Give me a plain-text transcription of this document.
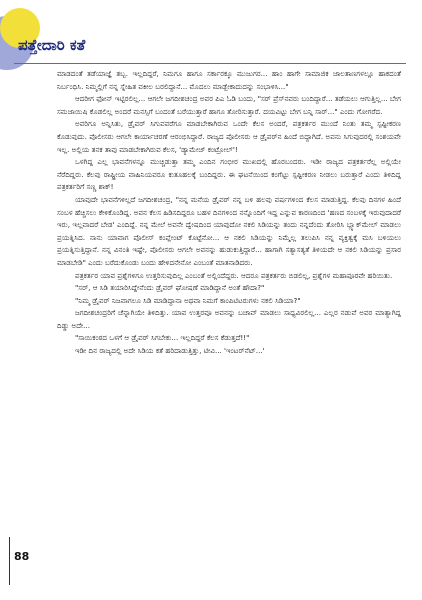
ಪತ್ತೇದಾರಿ ಕತೆ

ಮಾಡದಂತೆ ತಡೆಯಾಜ್ಞೆ ತಬ್ಬ. ಇಲ್ಲದಿದ್ದರೆ, ನಿಮಗೂ ಹಾಗೂ ಸರ್ಕಾರಕ್ಕೂ ಮುಜುಗರ... ಹಾಂ ಹಾಗೇ ಸಾಮಾಜಿಕ ಜಾಲತಾಣಗಳಲ್ಲೂ ಹಾಕದಂತೆ ನಿರ್ಬಂಧಿಸಿ. ನಿಮ್ಮಲ್ಲಿಗೆ ನನ್ನ ಸ್ನೇಹಿತ ವಕೀಲ ಬರಲಿದ್ದಾನೆ... ಮೊದಲು ಮಾಡ್ಬೇಕಾದುದನ್ನು ಸಂಭಾಳಿಸಿ..."

ಆದರೀಗ ಫೋನ್ ಇಟ್ಟಿರಲಿಲ್ಲ... ಆಗಲೇ ಜಗದೀಶಚಂದ್ರ ಅವರ ಪಿಎ ಓಡಿ ಬಂದು, "ಸರ್ ಪ್ರೆಸ್‌ನವರು ಬಂದಿದ್ದಾರೆ... ತಡೆಯಲು ಆಗುತ್ತಿಲ್ಲ... ಬೇಗ ಸಮಜಾಯಿಷಿ ಕೊಡಲಿಲ್ಲ ಅಂದರೆ ಮನಸ್ಸಿಗೆ ಬಂದಂತೆ ಬರೆಯುತ್ತಾರೆ ಹಾಗೂ ತೋರಿಸುತ್ತಾರೆ. ದಯವಿಟ್ಟು ಬೇಗ ಬನ್ನಿ ಸಾರ್..." ಎಂದು ಗೋಗರೆದ.

ಅವರಿಗೂ ಅನ್ನಿಸಿತು, ಡ್ರೈವರ್ ಸಿಗುವವರೆಗೂ ಮಾಡಬೇಕಾಗಿರುವ ಒಂದೇ ಕೆಲಸ ಅಂದರೆ, ಪತ್ರಕರ್ತರ ಮುಂದೆ ನಿಂತು ತಮ್ಮ ಸ್ಪಷ್ಟೀಕರಣ ಕೊಡುವುದು. ಪೊಲೀಸರು ಆಗಲೇ ಕಾರ್ಯಾಚರಣೆ ಆರಂಭಿಸಿದ್ದಾರೆ. ರಾಜ್ಯದ ಪೊಲೀಸರು ಆ ಡ್ರೈವರ್‌ನ ಹಿಂದೆ ಬಿದ್ದಾಗಿದೆ. ಅವನು ಸಿಗುವುದರಲ್ಲಿ ಸಂಶಯವೇ ಇಲ್ಲ. ಅಲ್ಲಿಯ ತನಕ ತಾವು ಮಾಡಬೇಕಾಗಿರುವ ಕೆಲಸ, 'ಡ್ಯಾಮೇಜ್ ಕಂಟ್ರೋಲ್'!

ಒಳಗಿದ್ದ ಎಲ್ಲ ಭಾವನೆಗಳನ್ನೂ ಮುಚ್ಚಿಡುತ್ತಾ ತಮ್ಮ ಎಂದಿನ ಗಂಭೀರ ಮುಖದಲ್ಲಿ ಹೊರಬಂದರು. ಇಡೀ ರಾಜ್ಯದ ಪತ್ರಕರ್ತರೆಲ್ಲ ಅಲ್ಲಿಯೇ ನೆರೆದಿದ್ದರು. ಕೆಲವು ರಾಷ್ಟ್ರೀಯ ವಾಹಿನಿಯವರೂ ಕುತೂಹಲಕ್ಕೆ ಬಂದಿದ್ದರು. ಈ ಘಟನೆಯಿಂದ ಕಂಗೆಟ್ಟು ಸ್ಪಷ್ಟೀಕರಣ ನೀಡಲು ಬರುತ್ತಾರೆ ಎಂದು ತಿಳಿದಿದ್ದ ಪತ್ರಕರ್ತರಿಗೆ ಸಣ್ಣ ಶಾಕ್!

ಯಾವುದೇ ಭಾವನೆಗಳಿಲ್ಲದೆ ಜಗದೀಶಚಂದ್ರ, "ನನ್ನ ಮನೆಯ ಡ್ರೈವರ್ ನನ್ನ ಬಳಿ ಹಲವು ವರ್ಷಗಳಿಂದ ಕೆಲಸ ಮಾಡುತ್ತಿದ್ದ. ಕೆಲವು ದಿನಗಳ ಹಿಂದೆ ಸಂಬಳ ಹೆಚ್ಚಿಸಲು ಕೇಳಿಕೊಂಡಿದ್ದ. ಅವನ ಕೆಲಸ ಹಿಡಿಸದಿದ್ದರೂ ಬಹಳ ದಿನಗಳಿಂದ ನನ್ನೊಂದಿಗೆ ಇದ್ದ ಎನ್ನುವ ಕಾರಣದಿಂದ 'ಹಣದ ಸಂಬಳಕ್ಕೆ ಇರುವುದಾದರೆ ಇರು, ಇಲ್ಲವಾದರೆ ಬೇಡ' ಎಂದಿದ್ದೆ. ನನ್ನ ಮೇಲೆ ಅವನೇ ದ್ವೇಷದಿಂದ ಯಾವುದೋ ನಕಲಿ ಸಿಡಿಯನ್ನು ತಂದು ನನ್ನದೆಂದು ತೋರಿಸಿ ಬ್ಲ್ಯಾಕ್‌ಮೇಲ್ ಮಾಡಲು ಪ್ರಯತ್ನಿಸಿದ. ನಾನು ಯಾವಾಗ ಪೊಲೀಸ್ ಕಂಪ್ಲೇಂಟ್ ಕೊಟ್ಟೆನೋ... ಆ ನಕಲಿ ಸಿಡಿಯನ್ನು ನಿಮ್ಮೆಲ್ಲ ತಲುಪಿಸಿ ನನ್ನ ವ್ಯಕ್ತಿತ್ವಕ್ಕೆ ಮಸಿ ಬಳಿಯಲು ಪ್ರಯತ್ನಿಸುತ್ತಿದ್ದಾನೆ. ನನ್ನ ವಿನಂತಿ ಇಷ್ಟೇ, ಪೊಲೀಸರು ಆಗಲೇ ಅವನನ್ನು ಹುಡುಕುತ್ತಿದ್ದಾರೆ... ಹಾಗಾಗಿ ಸತ್ಯಾಸತ್ಯತೆ ತಿಳಿಯದೇ ಆ ನಕಲಿ ಸಿಡಿಯನ್ನು ಪ್ರಸಾರ ಮಾಡಬೇಡಿ" ಎಂದು ಬರೆದುಕೊಂಡು ಬಂದು ಹೇಳಿದನೇನೋ ಎಂಬಂತೆ ಮಾತನಾಡಿದರು.

ಪತ್ರಕರ್ತರ ಯಾವ ಪ್ರಶ್ನೆಗಳಿಗೂ ಉತ್ತರಿಸುವುದಿಲ್ಲ ಎಂಬಂತೆ ಅಲ್ಲಿಂದೆದ್ದರು. ಆದರೂ ಪತ್ರಕರ್ತರು ಬಿಡಲಿಲ್ಲ, ಪ್ರಶ್ನೆಗಳ ಮಹಾಪೂರವೇ ಹರಿಯಿತು.

"ಸರ್, ಆ ಸಿಡಿ ತಯಾರಿಸಿದ್ದೇನೆಂದು ಡ್ರೈವರ್ ಘೋಷಣೆ ಮಾಡಿದ್ದಾನೆ ಅಂತೆ ಹೌದಾ?"

"ನಿಮ್ಮ ಡ್ರೈವರ್ ನಿಜವಾಗಲೂ ಸಿಡಿ ಮಾಡಿದ್ದಾನಾ ಅಥವಾ ನಿಮಗೆ ಕಾಂಪಿಟಿಟರುಗಳು ನಕಲಿ ಸಿಡಿಯಾ?"

ಜಗದೀಶಚಂದ್ರರಿಗೆ ಚೆನ್ನಾಗಿಯೇ ತಿಳಿದಿತ್ತು. ಯಾವ ಉತ್ತರವೂ ಅವನನ್ನು ಬಚಾವ್ ಮಾಡಲು ಸಾಧ್ಯವಿರಲಿಲ್ಲ... ಎಲ್ಲರ ನಡುವೆ ಅವರ ಮಾತ್ಯಾಗಿದ್ದ ದಿಡ್ಡು ಅದೇ...

"ಸಾಯಿಕಂಠದ ಒಳಗೆ ಆ ಡ್ರೈವರ್ ಸಿಗಬೇಕು... ಇಲ್ಲದಿದ್ದರೆ ಕೆಲಸ ಕೆಡುತ್ತದೆ!!"

ಇಡೀ ದಿನ ರಾಜ್ಯದಲ್ಲಿ ಅದೇ ಸಿಡಿಯ ಕತೆ ಹರಿದಾಡುತ್ತಿತ್ತು, ಟೀವಿ... 'ಇಂಟರ್‌ನೆಟ್...'

88
